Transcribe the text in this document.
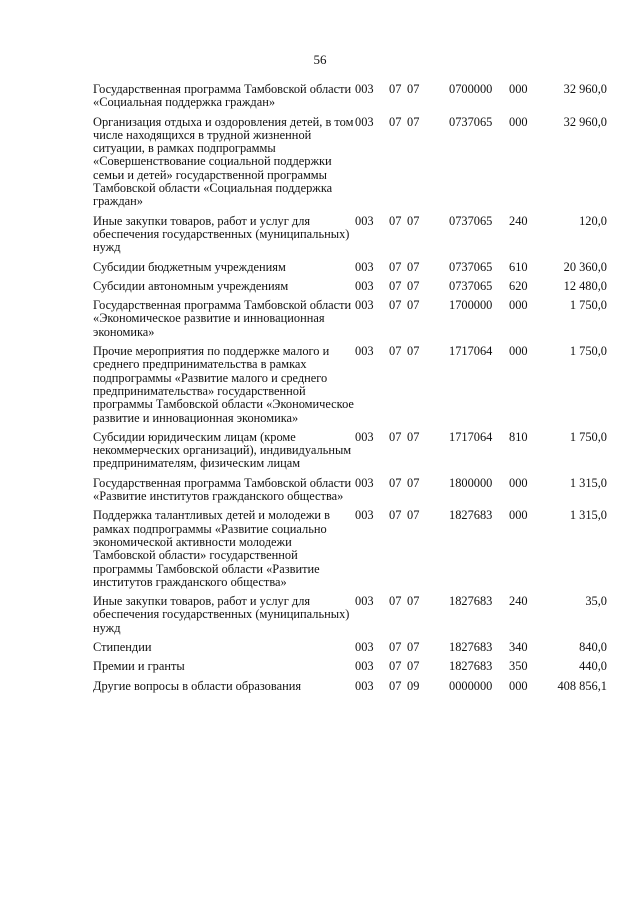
56
Государственная программа Тамбовской области «Социальная поддержка граждан»	003	07	07	0700000	000	32 960,0
Организация отдыха и оздоровления детей, в том числе находящихся в трудной жизненной ситуации, в рамках подпрограммы «Совершенствование социальной поддержки семьи и детей» государственной программы Тамбовской области «Социальная поддержка граждан»	003	07	07	0737065	000	32 960,0
Иные закупки товаров, работ и услуг для обеспечения государственных (муниципальных) нужд	003	07	07	0737065	240	120,0
Субсидии бюджетным учреждениям	003	07	07	0737065	610	20 360,0
Субсидии автономным учреждениям	003	07	07	0737065	620	12 480,0
Государственная программа Тамбовской области «Экономическое развитие и инновационная экономика»	003	07	07	1700000	000	1 750,0
Прочие мероприятия по поддержке малого и среднего предпринимательства в рамках подпрограммы «Развитие малого и среднего предпринимательства» государственной программы Тамбовской области «Экономическое развитие и инновационная экономика»	003	07	07	1717064	000	1 750,0
Субсидии юридическим лицам (кроме некоммерческих организаций), индивидуальным предпринимателям, физическим лицам	003	07	07	1717064	810	1 750,0
Государственная программа Тамбовской области «Развитие институтов гражданского общества»	003	07	07	1800000	000	1 315,0
Поддержка талантливых детей и молодежи в рамках подпрограммы «Развитие социально экономической активности молодежи Тамбовской области» государственной программы Тамбовской области «Развитие институтов гражданского общества»	003	07	07	1827683	000	1 315,0
Иные закупки товаров, работ и услуг для обеспечения государственных (муниципальных) нужд	003	07	07	1827683	240	35,0
Стипендии	003	07	07	1827683	340	840,0
Премии и гранты	003	07	07	1827683	350	440,0
Другие вопросы в области образования	003	07	09	0000000	000	408 856,1
